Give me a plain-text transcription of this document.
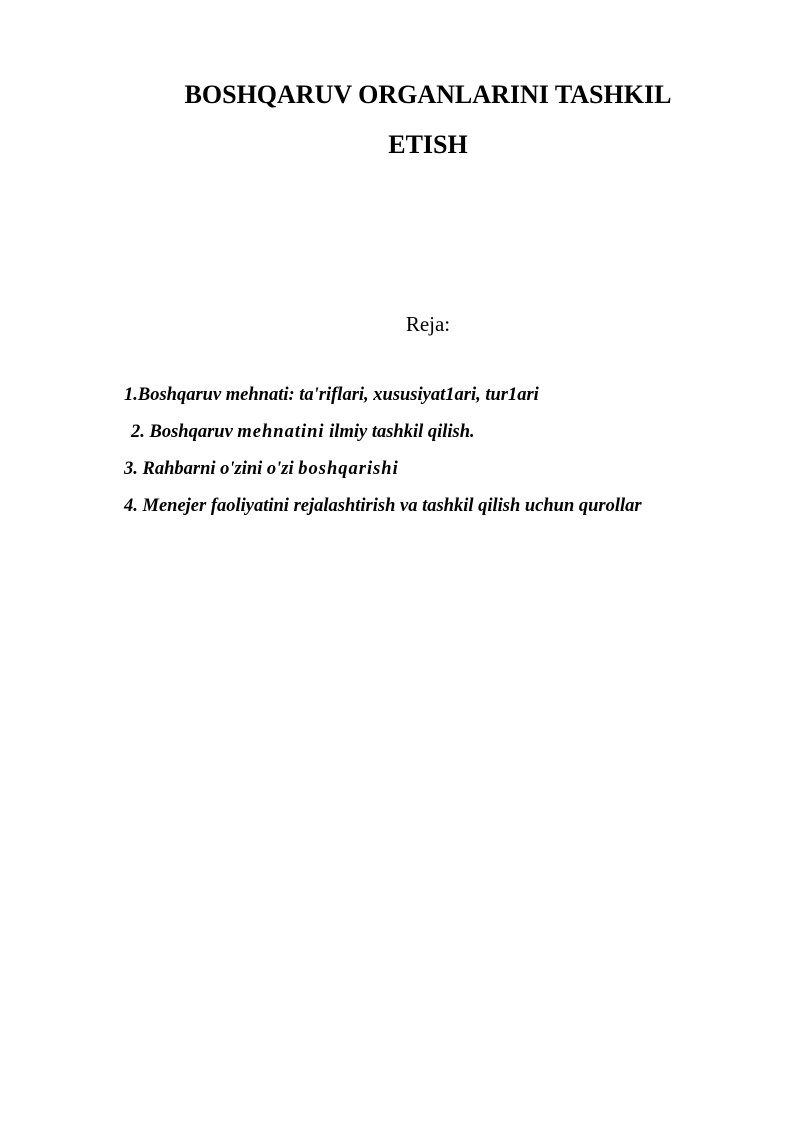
BOSHQARUV ORGANLARINI TASHKIL
ETISH

Reja:

1.Boshqaruv mehnati: ta'riflari, xususiyat1ari, tur1ari

2. Boshqaruv mehnatini ilmiy tashkil qilish.

3. Rahbarni o'zini o'zi boshqarishi

4. Menejer faoliyatini rejalashtirish va tashkil qilish uchun qurollar
